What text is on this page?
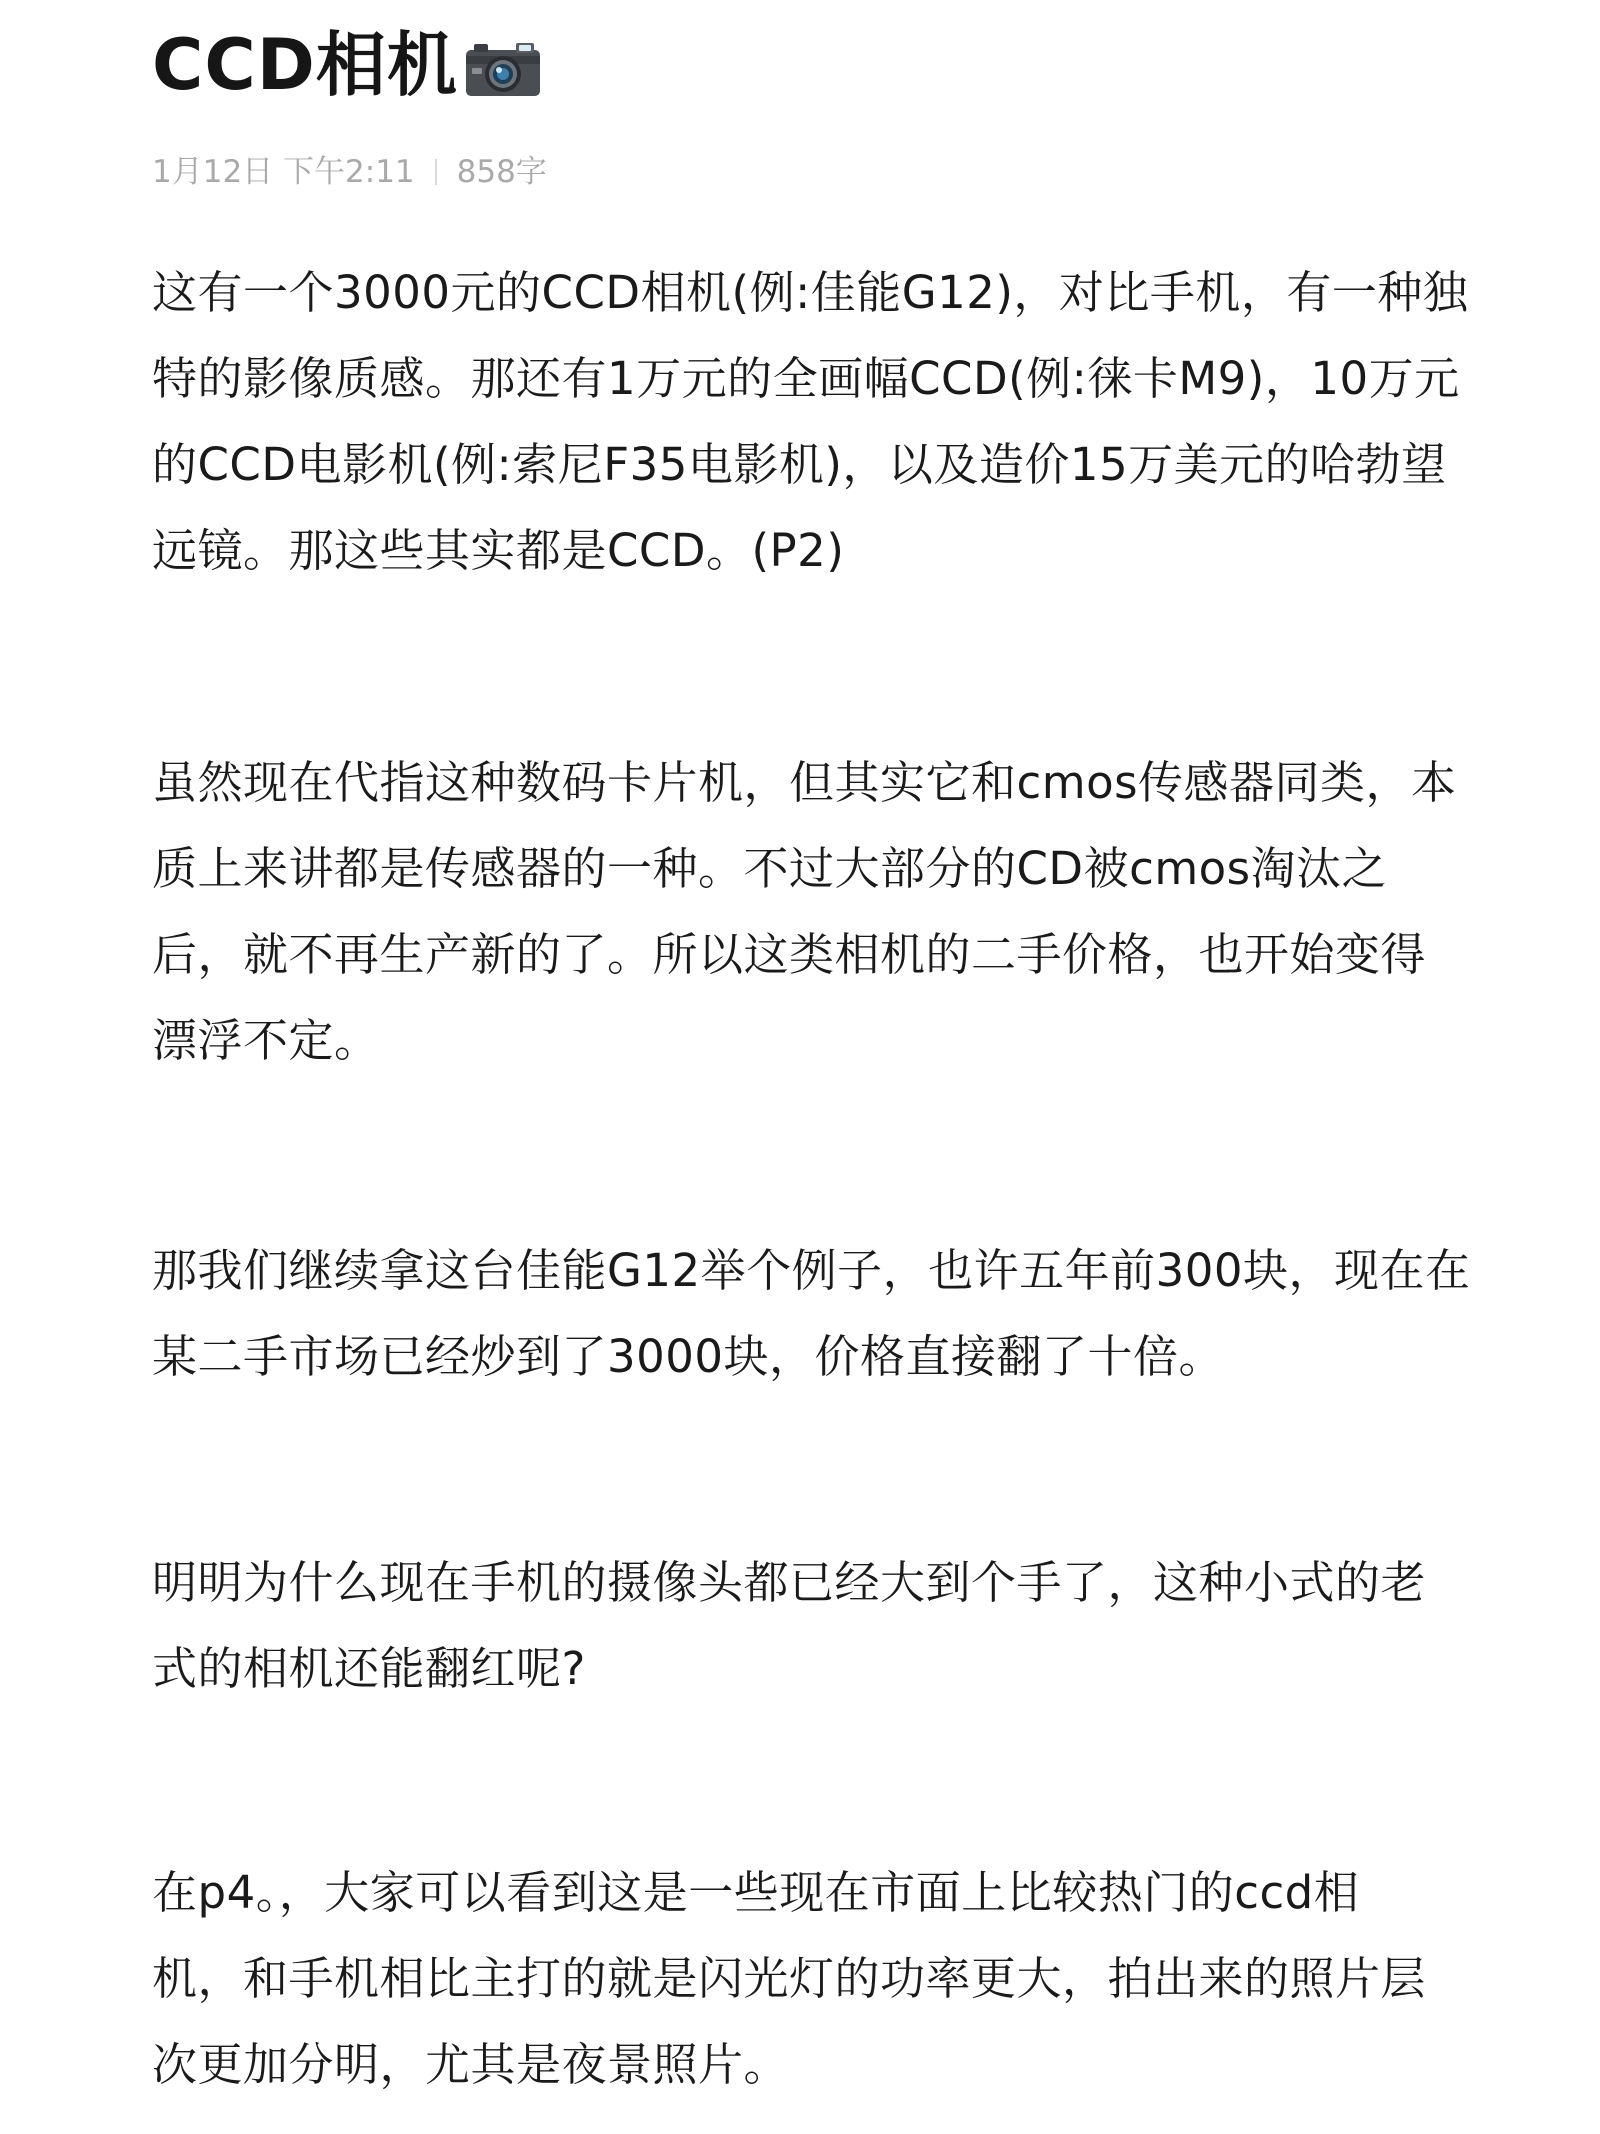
CCD相机
1月12日 下午2:11 858字

这有一个3000元的CCD相机(例:佳能G12)，对比手机，有一种独
特的影像质感。那还有1万元的全画幅CCD(例:徕卡M9)，10万元
的CCD电影机(例:索尼F35电影机)，以及造价15万美元的哈勃望
远镜。那这些其实都是CCD。(P2)

虽然现在代指这种数码卡片机，但其实它和cmos传感器同类，本
质上来讲都是传感器的一种。不过大部分的CD被cmos淘汰之
后，就不再生产新的了。所以这类相机的二手价格，也开始变得
漂浮不定。

那我们继续拿这台佳能G12举个例子，也许五年前300块，现在在
某二手市场已经炒到了3000块，价格直接翻了十倍。

明明为什么现在手机的摄像头都已经大到个手了，这种小式的老
式的相机还能翻红呢?

在p4。，大家可以看到这是一些现在市面上比较热门的ccd相
机，和手机相比主打的就是闪光灯的功率更大，拍出来的照片层
次更加分明，尤其是夜景照片。
